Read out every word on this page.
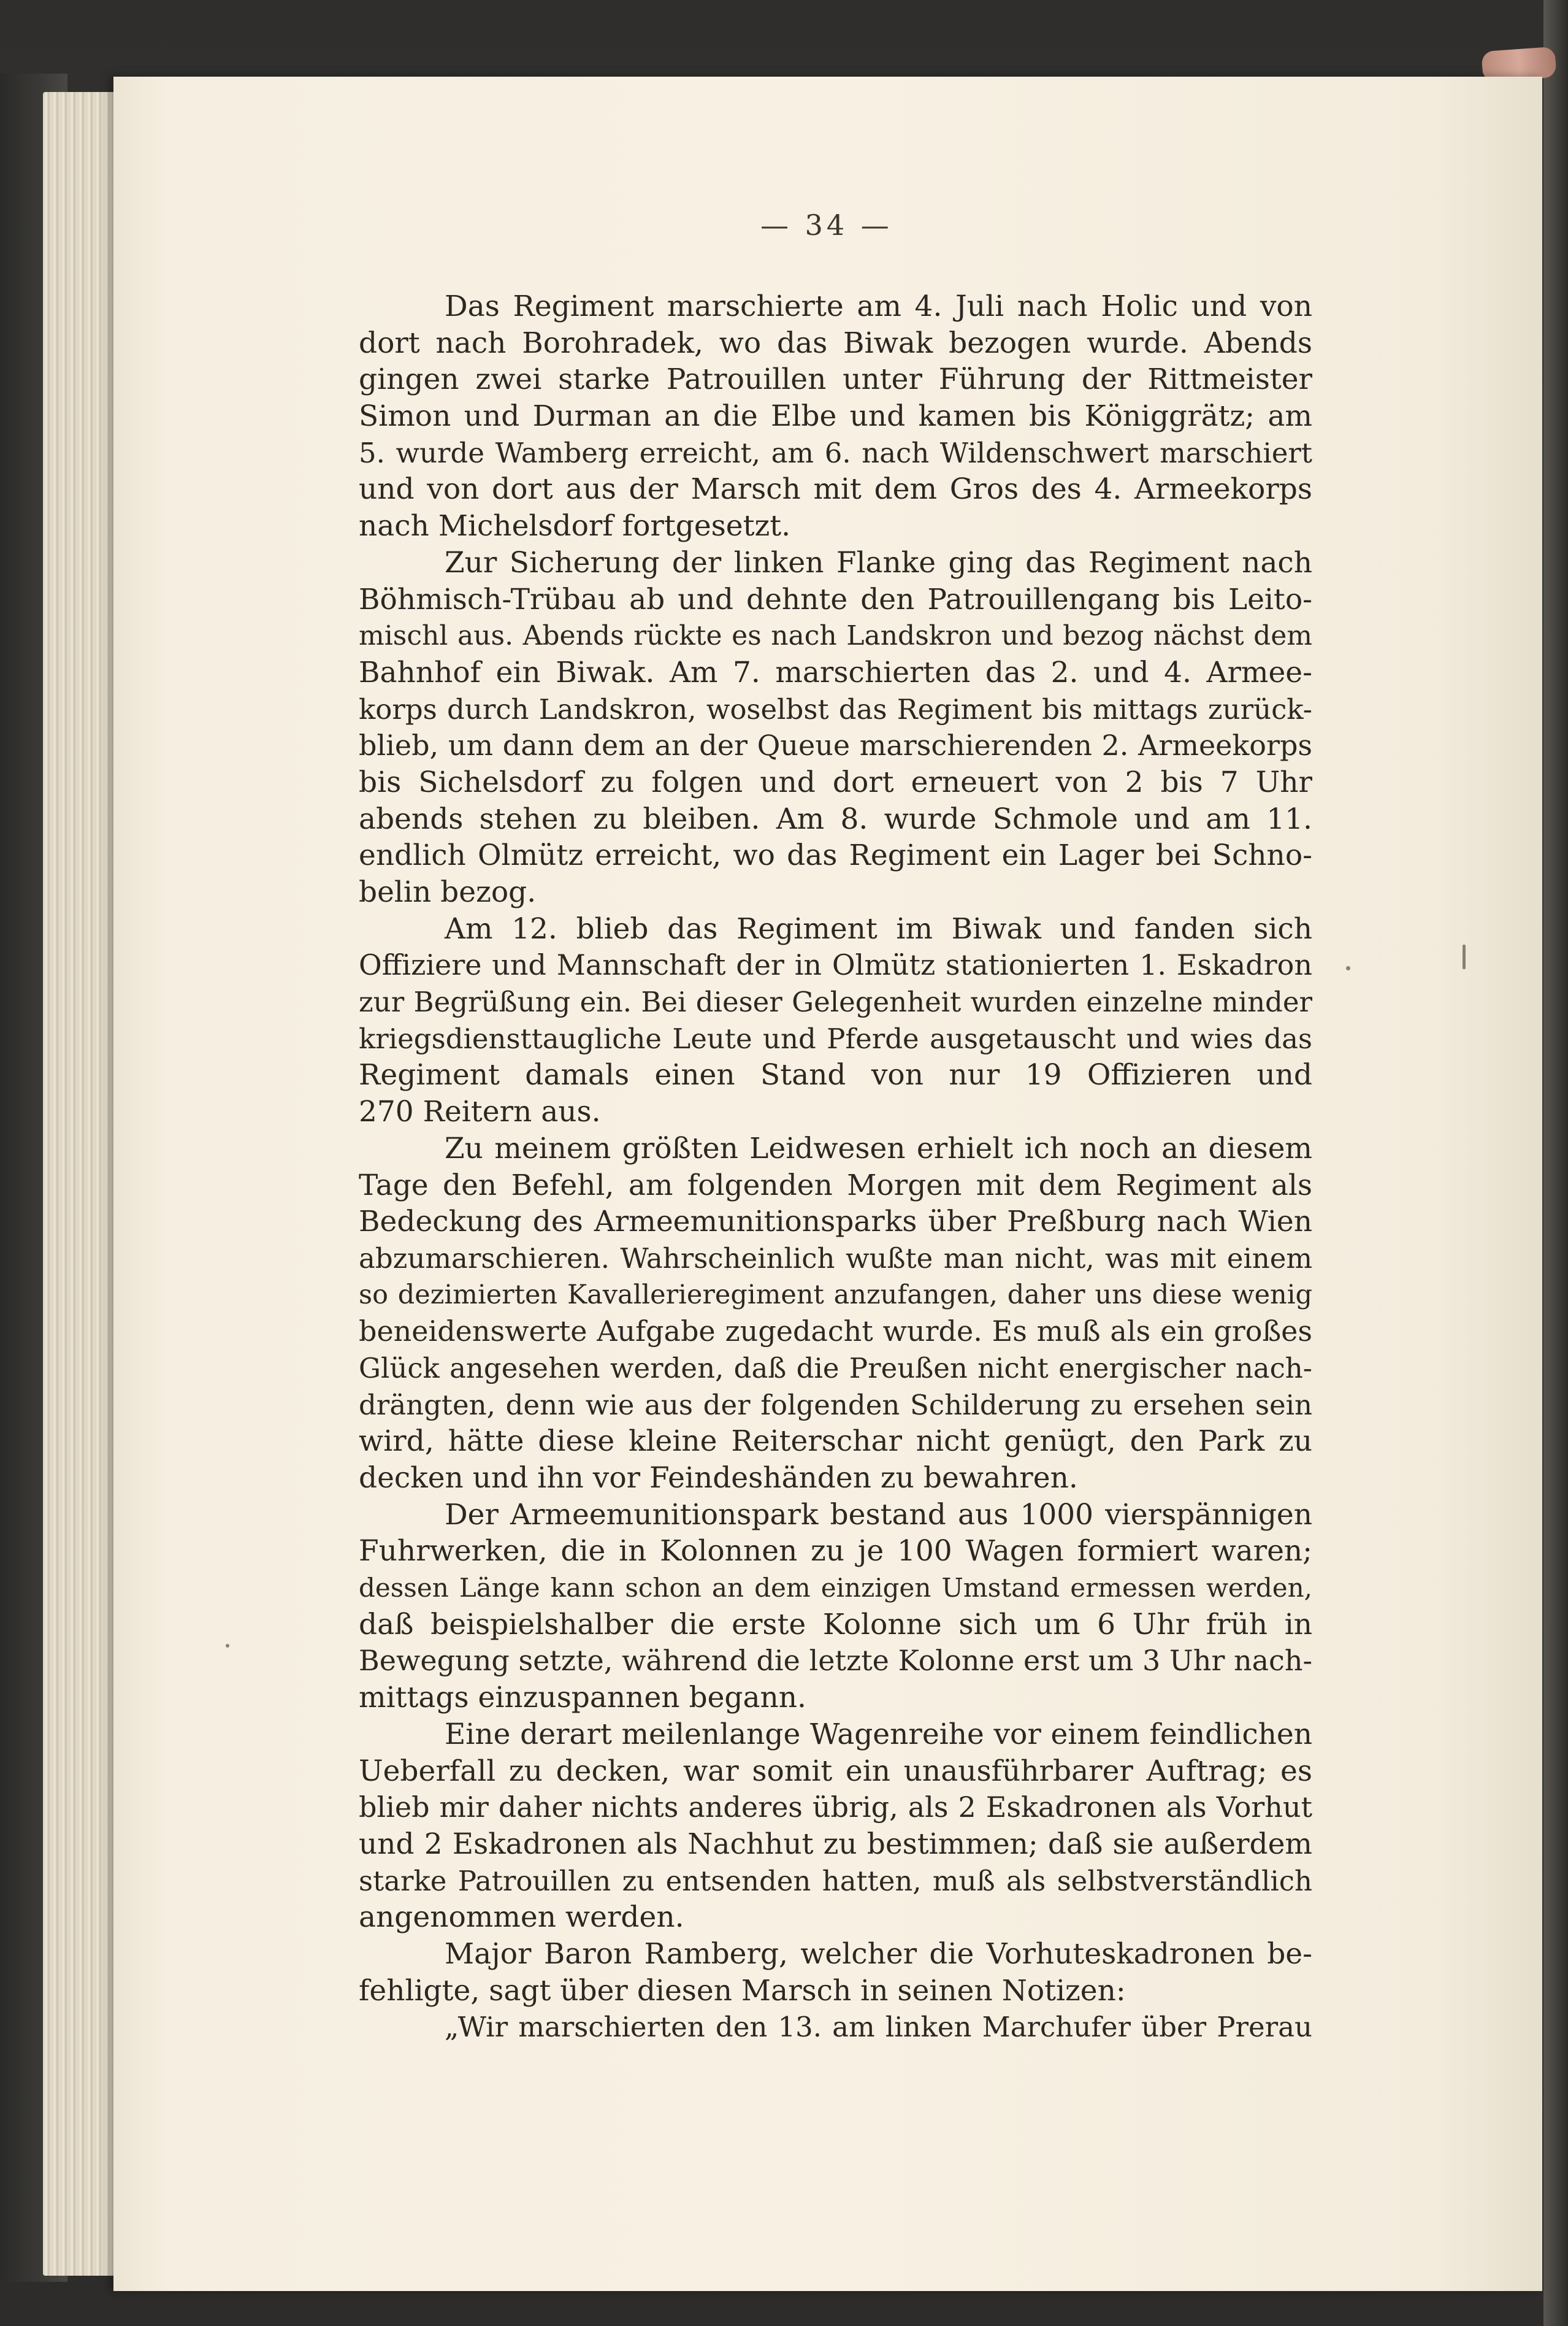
— 34 —
Das Regiment marschierte am 4. Juli nach Holic und von
dort nach Borohradek, wo das Biwak bezogen wurde. Abends
gingen zwei starke Patrouillen unter Führung der Rittmeister
Simon und Durman an die Elbe und kamen bis Königgrätz; am
5. wurde Wamberg erreicht, am 6. nach Wildenschwert marschiert
und von dort aus der Marsch mit dem Gros des 4. Armeekorps
nach Michelsdorf fortgesetzt.
Zur Sicherung der linken Flanke ging das Regiment nach
Böhmisch-Trübau ab und dehnte den Patrouillengang bis Leito-
mischl aus. Abends rückte es nach Landskron und bezog nächst dem
Bahnhof ein Biwak. Am 7. marschierten das 2. und 4. Armee-
korps durch Landskron, woselbst das Regiment bis mittags zurück-
blieb, um dann dem an der Queue marschierenden 2. Armeekorps
bis Sichelsdorf zu folgen und dort erneuert von 2 bis 7 Uhr
abends stehen zu bleiben. Am 8. wurde Schmole und am 11.
endlich Olmütz erreicht, wo das Regiment ein Lager bei Schno-
belin bezog.
Am 12. blieb das Regiment im Biwak und fanden sich
Offiziere und Mannschaft der in Olmütz stationierten 1. Eskadron
zur Begrüßung ein. Bei dieser Gelegenheit wurden einzelne minder
kriegsdiensttaugliche Leute und Pferde ausgetauscht und wies das
Regiment damals einen Stand von nur 19 Offizieren und
270 Reitern aus.
Zu meinem größten Leidwesen erhielt ich noch an diesem
Tage den Befehl, am folgenden Morgen mit dem Regiment als
Bedeckung des Armeemunitionsparks über Preßburg nach Wien
abzumarschieren. Wahrscheinlich wußte man nicht, was mit einem
so dezimierten Kavallerieregiment anzufangen, daher uns diese wenig
beneidenswerte Aufgabe zugedacht wurde. Es muß als ein großes
Glück angesehen werden, daß die Preußen nicht energischer nach-
drängten, denn wie aus der folgenden Schilderung zu ersehen sein
wird, hätte diese kleine Reiterschar nicht genügt, den Park zu
decken und ihn vor Feindeshänden zu bewahren.
Der Armeemunitionspark bestand aus 1000 vierspännigen
Fuhrwerken, die in Kolonnen zu je 100 Wagen formiert waren;
dessen Länge kann schon an dem einzigen Umstand ermessen werden,
daß beispielshalber die erste Kolonne sich um 6 Uhr früh in
Bewegung setzte, während die letzte Kolonne erst um 3 Uhr nach-
mittags einzuspannen begann.
Eine derart meilenlange Wagenreihe vor einem feindlichen
Ueberfall zu decken, war somit ein unausführbarer Auftrag; es
blieb mir daher nichts anderes übrig, als 2 Eskadronen als Vorhut
und 2 Eskadronen als Nachhut zu bestimmen; daß sie außerdem
starke Patrouillen zu entsenden hatten, muß als selbstverständlich
angenommen werden.
Major Baron Ramberg, welcher die Vorhuteskadronen be-
fehligte, sagt über diesen Marsch in seinen Notizen:
„Wir marschierten den 13. am linken Marchufer über Prerau
